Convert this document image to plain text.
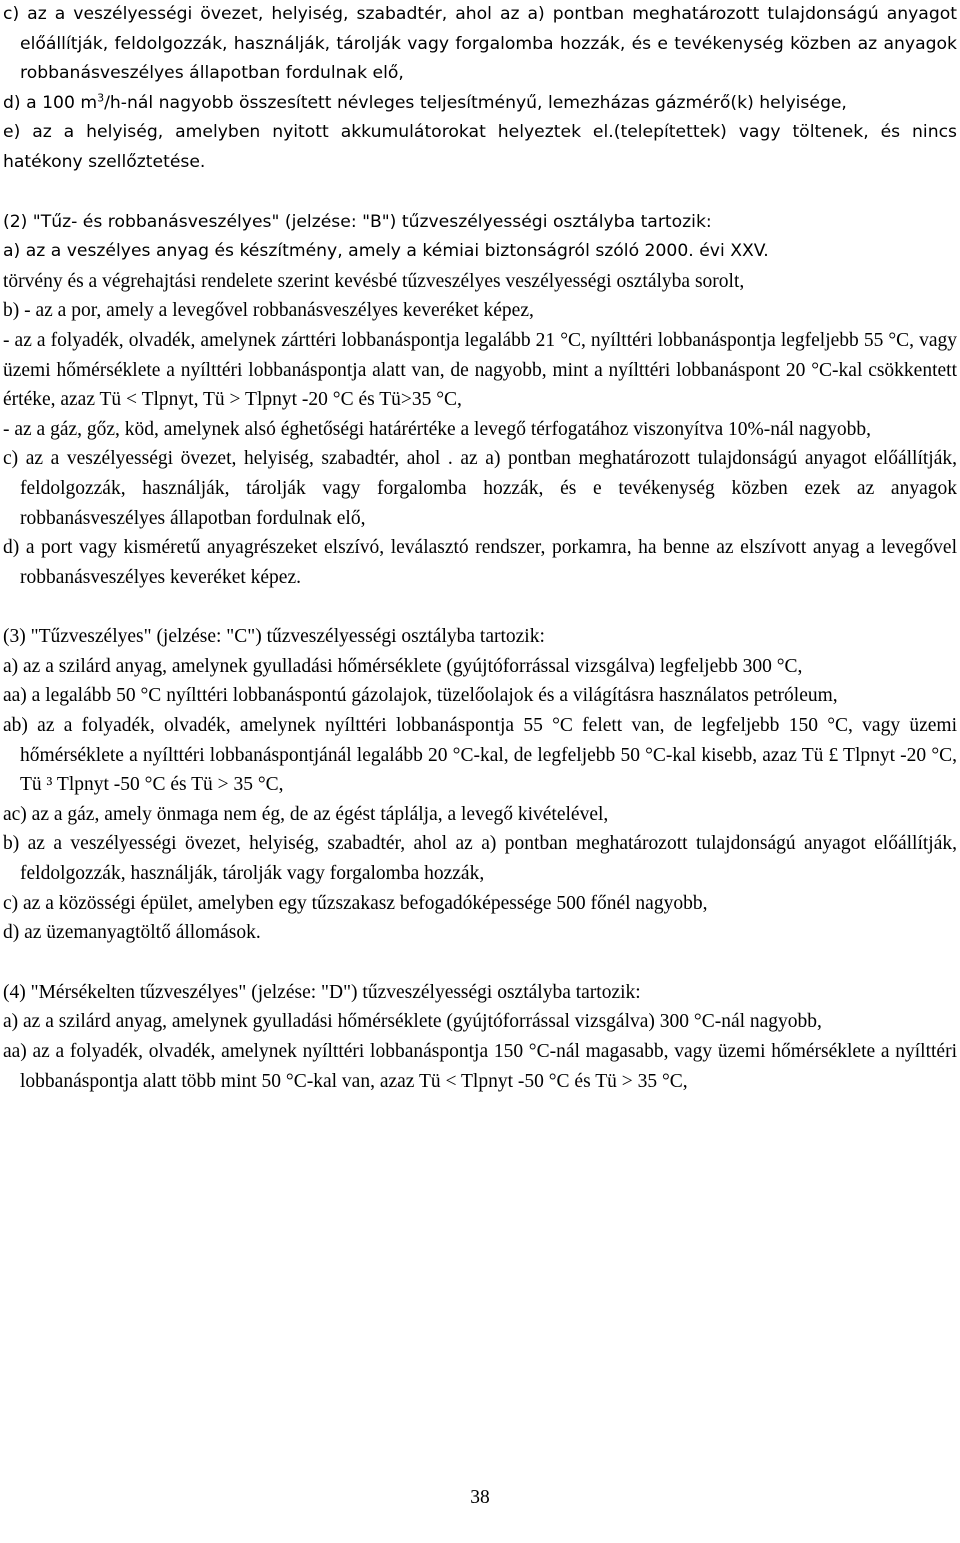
c) az a veszélyességi övezet, helyiség, szabadtér, ahol az a) pontban meghatározott tulajdonságú anyagot előállítják, feldolgozzák, használják, tárolják vagy forgalomba hozzák, és e tevékenység közben az anyagok robbanásveszélyes állapotban fordulnak elő,

d) a 100 $m^3/h$-nál nagyobb összesített névleges teljesítményű, lemezházas gázmérő(k) helyisége,

e) az a helyiség, amelyben nyitott akkumulátorokat helyeztek el.(telepítettek) vagy töltenek, és nincs hatékony szellőztetése.

(2) "Tűz- és robbanásveszélyes" (jelzése: "B") tűzveszélyességi osztályba tartozik:

a) az a veszélyes anyag és készítmény, amely a kémiai biztonságról szóló 2000. évi XXV.

törvény és a végrehajtási rendelete szerint kevésbé tűzveszélyes veszélyességi osztályba sorolt,

b) - az a por, amely a levegővel robbanásveszélyes keveréket képez,

- az a folyadék, olvadék, amelynek zárttéri lobbanáspontja legalább 21 °C, nyílttéri lobbanáspontja legfeljebb 55 °C, vagy üzemi hőmérséklete a nyílttéri lobbanáspontja alatt van, de nagyobb, mint a nyílttéri lobbanáspont 20 °C-kal csökkentett értéke, azaz Tü < Tlpnyt, Tü > Tlpnyt -20 °C és Tü>35 °C,

- az a gáz, gőz, köd, amelynek alsó éghetőségi határértéke a levegő térfogatához viszonyítva 10%-nál nagyobb,

c) az a veszélyességi övezet, helyiség, szabadtér, ahol . az a) pontban meghatározott tulajdonságú anyagot előállítják, feldolgozzák, használják, tárolják vagy forgalomba hozzák, és e tevékenység közben ezek az anyagok robbanásveszélyes állapotban fordulnak elő,

d) a port vagy kisméretű anyagrészeket elszívó, leválasztó rendszer, porkamra, ha benne az elszívott anyag a levegővel robbanásveszélyes keveréket képez.

(3) "Tűzveszélyes" (jelzése: "C") tűzveszélyességi osztályba tartozik:

a) az a szilárd anyag, amelynek gyulladási hőmérséklete (gyújtóforrással vizsgálva) legfeljebb 300 °C,

aa) a legalább 50 °C nyílttéri lobbanáspontú gázolajok, tüzelőolajok és a világításra használatos petróleum,

ab) az a folyadék, olvadék, amelynek nyílttéri lobbanáspontja 55 °C felett van, de legfeljebb 150 °C, vagy üzemi hőmérséklete a nyílttéri lobbanáspontjánál legalább 20 °C-kal, de legfeljebb 50 °C-kal kisebb, azaz Tü £ Tlpnyt -20 °C, Tü ³ Tlpnyt -50 °C és Tü > 35 °C,

ac) az a gáz, amely önmaga nem ég, de az égést táplálja, a levegő kivételével,

b) az a veszélyességi övezet, helyiség, szabadtér, ahol az a) pontban meghatározott tulajdonságú anyagot előállítják, feldolgozzák, használják, tárolják vagy forgalomba hozzák,

c) az a közösségi épület, amelyben egy tűzszakasz befogadóképessége 500 főnél nagyobb,

d) az üzemanyagtöltő állomások.

(4) "Mérsékelten tűzveszélyes" (jelzése: "D") tűzveszélyességi osztályba tartozik:

a) az a szilárd anyag, amelynek gyulladási hőmérséklete (gyújtóforrással vizsgálva) 300 °C-nál nagyobb,

aa) az a folyadék, olvadék, amelynek nyílttéri lobbanáspontja 150 °C-nál magasabb, vagy üzemi hőmérséklete a nyílttéri lobbanáspontja alatt több mint 50 °C-kal van, azaz Tü < Tlpnyt -50 °C és Tü > 35 °C,

38
